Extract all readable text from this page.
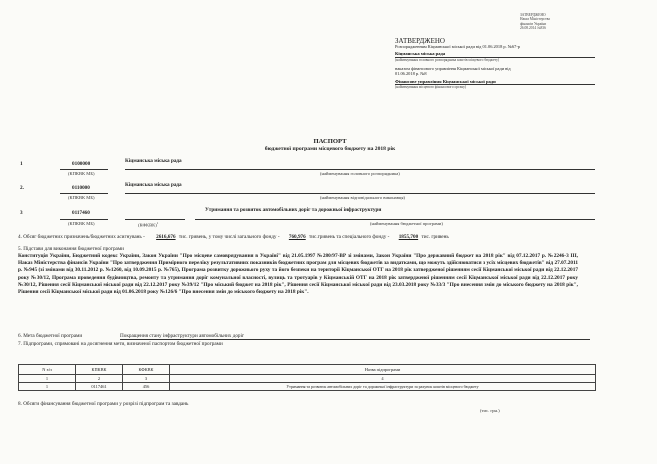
ЗАТВЕРДЖЕНО
Наказ Міністерства
фінансів України
26.08.2014 №836
ЗАТВЕРДЖЕНО
Розпорядженням Кіцманської міської ради від 01.06.2018 р. №67-р
Кіцманська міська рада
(найменування головного розпорядника коштів місцевого бюджету)
наказом фінансового управління Кіцманської міської ради від
01.06.2018 р. №8
Фінансове управління Кіцманської міської ради
(найменування місцевого фінансового органу)
ПАСПОРТ
бюджетної програми місцевого бюджету на 2018 рік
1	0100000	Кіцманська міська рада
(КПКВК МБ)	(найменування головного розпорядника)
2.	0110000	Кіцманська міська рада
(КПКВК МБ)	(найменування відповідального виконавця)
3	0117460	Утримання та розвиток автомобільних доріг та дорожньої інфраструктури
(КПКВК МБ)	(КФКВК)$^1$	(найменування бюджетної програми)
4. Обсяг бюджетних призначень/бюджетних асигнувань - 2616,676 тис. гривень, у тому числі загального фонду - 760,976 тис.гривень та спеціального фонду - 1855,700 тис. гривень
5. Підстави для виконання бюджетної програми
Конституція України, Бюджетний кодекс України, Закон України "Про місцеве самоврядування в Україні" від 21.05.1997 №280/97-ВР зі змінами, Закон України "Про державний бюджет на 2018 рік" від 07.12.2017 р. №2246-3 ІІІ, Наказ Міністерства фінансів України "Про затвердження Примірного переліку результативних показників бюджетних програм для місцевих бюджетів за видатками, що можуть здійснюватися з усіх місцевих бюджетів" від 27.07.2011 р. №945 (зі змінами від 30.11.2012 р. №1260, від 10.09.2015 р. №765), Програма розвитку дорожнього руху та його безпеки на території Кіцманської ОТГ на 2018 рік затвердженої рішенням сесії Кіцманської міської ради від 22.12.2017 року №30/12, Програма проведення будівництва, ремонту та утримання доріг комунальної власності, вулиць та тротуарів у Кіцманській ОТГ на 2018 рік затвердженої рішенням сесії Кіцманської міської ради від 22.12.2017 року №30/12, Рішення сесії Кіцманської міської ради від 22.12.2017 року №39/12 "Про міський бюджет на 2018 рік", Рішення сесії Кіцманської міської ради від 23.03.2018 року №33/3 "Про внесення змін до міського бюджету на 2018 рік", Рішення сесії Кіцманської міської ради від 01.06.2018 року №126/6 "Про внесення змін до міського бюджету на 2018 рік".
6. Мета бюджетної програми	Покращення стану інфраструктури автомобільних доріг
7. Підпрограми, спрямовані на досягнення мети, визначеної паспортом бюджетної програми
N з/п	КПКВК	КФКВК	Назва підпрограми
1	2	3	4
1	0117461	456	Утримання та розвиток автомобільних доріг та дорожньої інфраструктури за рахунок коштів місцевого бюджету
8. Обсяги фінансування бюджетної програми у розрізі підпрограм та завдань
(тис. грн.)
